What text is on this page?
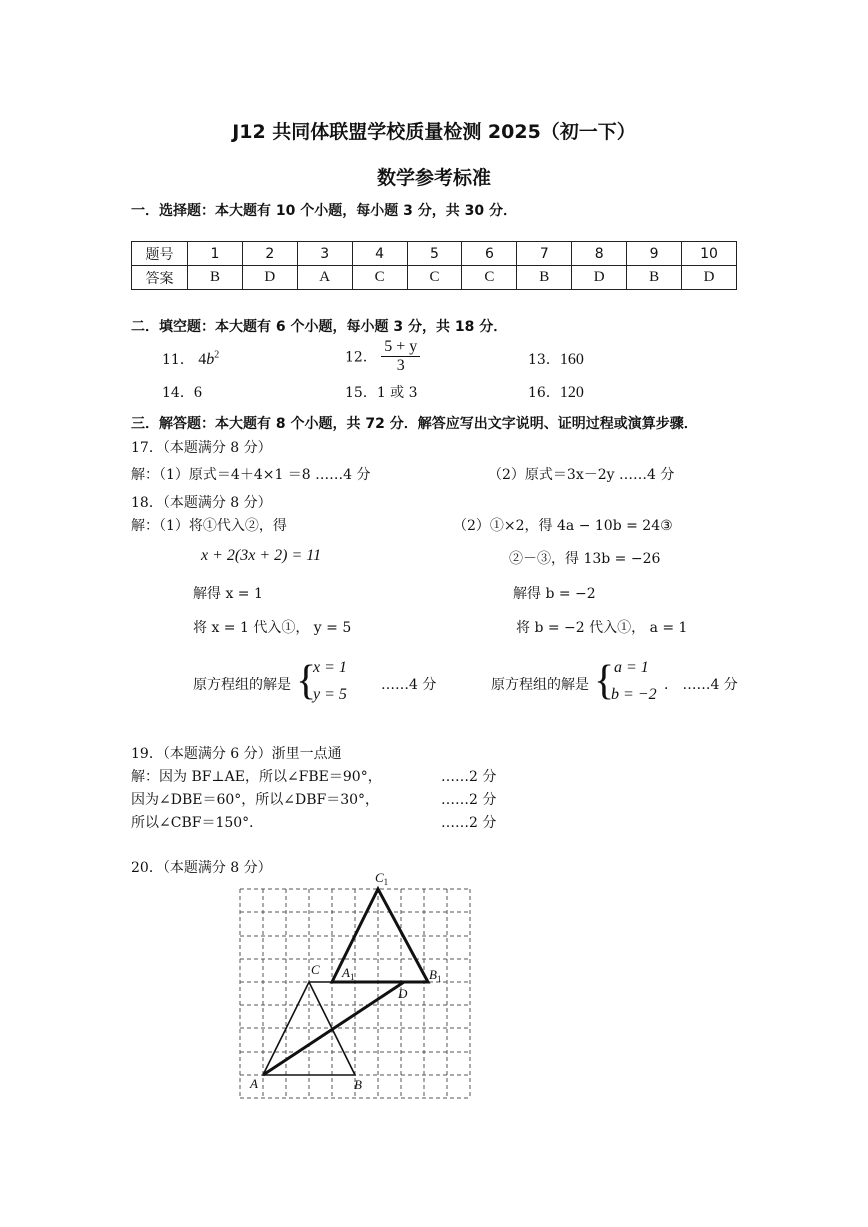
J12 共同体联盟学校质量检测 2025（初一下）
数学参考标准
一．选择题：本大题有 10 个小题，每小题 3 分，共 30 分．
题号	1	2	3	4	5	6	7	8	9	10
答案	B	D	A	C	C	C	B	D	B	D
二．填空题：本大题有 6 个小题，每小题 3 分，共 18 分．
11． $4b^2$	12． $\frac{5 + y}{3}$	13．160
14．6	15．1 或 3	16．120
三．解答题：本大题有 8 个小题，共 72 分．解答应写出文字说明、证明过程或演算步骤．
17．（本题满分 8 分）
解：（1）原式＝4＋4×1 ＝8 ……4 分	（2）原式＝3x－2y ……4 分
18．（本题满分 8 分）
解：（1）将①代入②，得
x + 2(3x + 2) = 11
解得 x = 1
将 x = 1 代入①， y = 5
原方程组的解是 {
x = 1
y = 5
……4 分
（2）①×2，得 4a − 10b = 24③
②－③，得 13b = −26
解得 b = −2
将 b = −2 代入①， a = 1
原方程组的解是 { a = 1
b = −2
． ……4 分
19．（本题满分 6 分）浙里一点通
解：因为 BF⊥AE，所以∠FBE＝90°，	……2 分
因为∠DBE＝60°，所以∠DBF＝30°，	……2 分
所以∠CBF＝150°．	……2 分
20．（本题满分 8 分）
$C_1$
C $A_1$	$B_1$
D
A	B
